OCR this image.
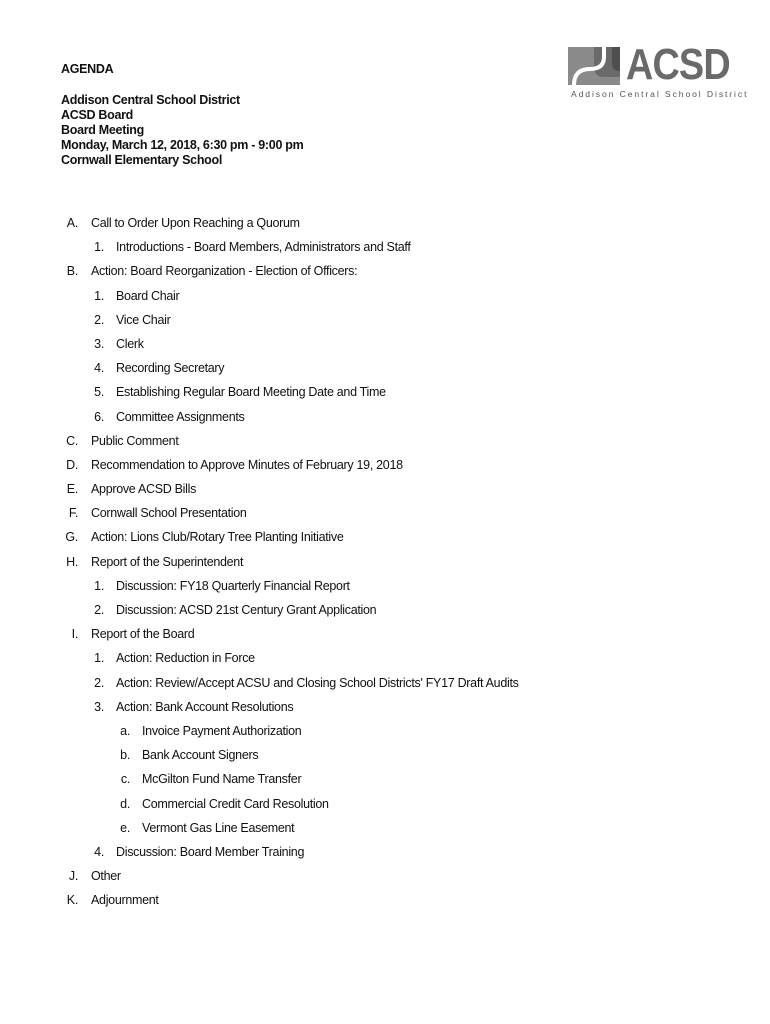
AGENDA
Addison Central School District
ACSD Board
Board Meeting
Monday, March 12, 2018, 6:30 pm - 9:00 pm
Cornwall Elementary School
ACSD
Addison Central School District
A. Call to Order Upon Reaching a Quorum
1. Introductions - Board Members, Administrators and Staff
B. Action: Board Reorganization - Election of Officers:
1. Board Chair
2. Vice Chair
3. Clerk
4. Recording Secretary
5. Establishing Regular Board Meeting Date and Time
6. Committee Assignments
C. Public Comment
D. Recommendation to Approve Minutes of February 19, 2018
E. Approve ACSD Bills
F. Cornwall School Presentation
G. Action: Lions Club/Rotary Tree Planting Initiative
H. Report of the Superintendent
1. Discussion: FY18 Quarterly Financial Report
2. Discussion: ACSD 21st Century Grant Application
I. Report of the Board
1. Action: Reduction in Force
2. Action: Review/Accept ACSU and Closing School Districts' FY17 Draft Audits
3. Action: Bank Account Resolutions
a. Invoice Payment Authorization
b. Bank Account Signers
c. McGilton Fund Name Transfer
d. Commercial Credit Card Resolution
e. Vermont Gas Line Easement
4. Discussion: Board Member Training
J. Other
K. Adjournment
